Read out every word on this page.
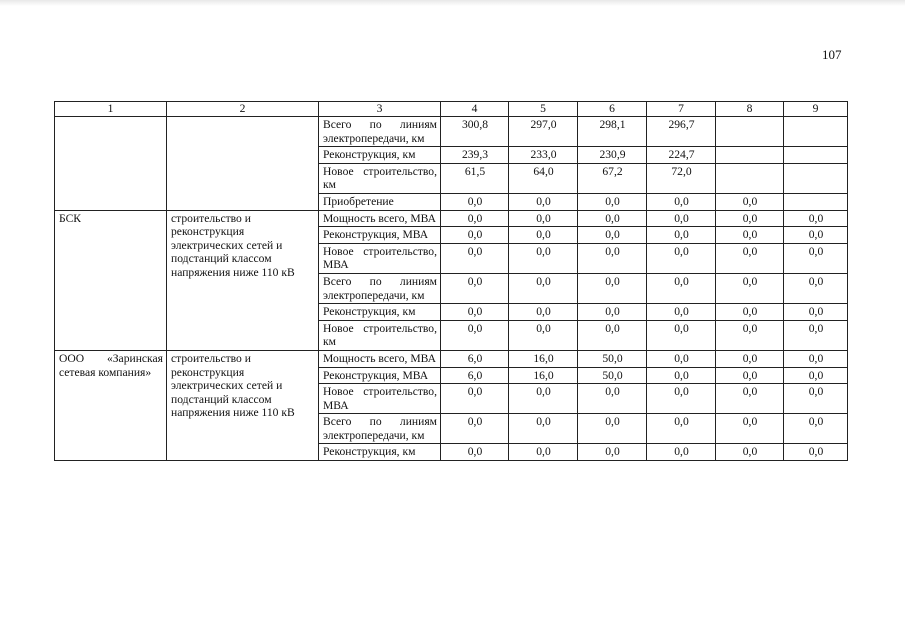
107
1	2	3	4	5	6	7	8	9
		Всего по линиям электропередачи, км	300,8	297,0	298,1	296,7		
		Реконструкция, км	239,3	233,0	230,9	224,7		
		Новое строительство, км	61,5	64,0	67,2	72,0		
		Приобретение	0,0	0,0	0,0	0,0	0,0	
БСК	строительство и реконструкция электрических сетей и подстанций классом напряжения ниже 110 кВ	Мощность всего, МВА	0,0	0,0	0,0	0,0	0,0	0,0
		Реконструкция, МВА	0,0	0,0	0,0	0,0	0,0	0,0
		Новое строительство, МВА	0,0	0,0	0,0	0,0	0,0	0,0
		Всего по линиям электропередачи, км	0,0	0,0	0,0	0,0	0,0	0,0
		Реконструкция, км	0,0	0,0	0,0	0,0	0,0	0,0
		Новое строительство, км	0,0	0,0	0,0	0,0	0,0	0,0
ООО «Заринская сетевая компания»	строительство и реконструкция электрических сетей и подстанций классом напряжения ниже 110 кВ	Мощность всего, МВА	6,0	16,0	50,0	0,0	0,0	0,0
		Реконструкция, МВА	6,0	16,0	50,0	0,0	0,0	0,0
		Новое строительство, МВА	0,0	0,0	0,0	0,0	0,0	0,0
		Всего по линиям электропередачи, км	0,0	0,0	0,0	0,0	0,0	0,0
		Реконструкция, км	0,0	0,0	0,0	0,0	0,0	0,0
